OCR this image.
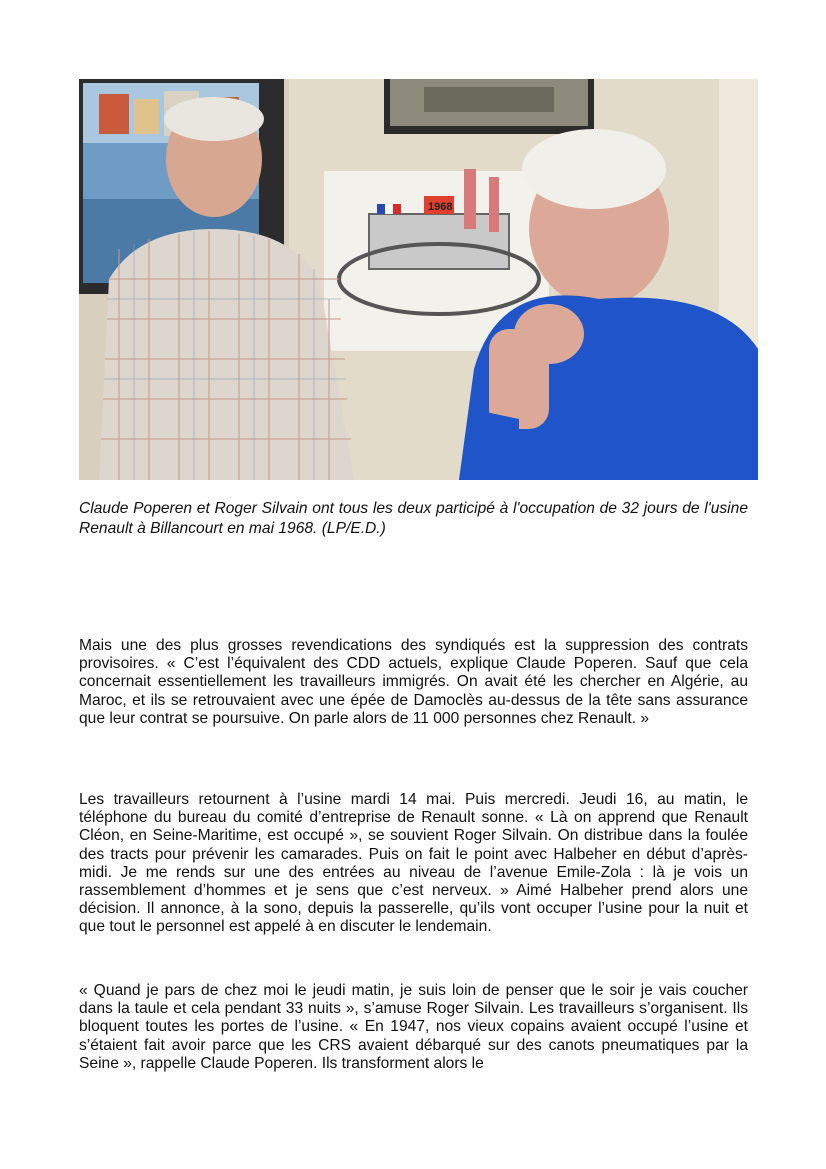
1968
Claude Poperen et Roger Silvain ont tous les deux participé à l'occupation de 32 jours de l'usine Renault à Billancourt en mai 1968. (LP/E.D.)

Mais une des plus grosses revendications des syndiqués est la suppression des contrats provisoires. « C’est l’équivalent des CDD actuels, explique Claude Poperen. Sauf que cela concernait essentiellement les travailleurs immigrés. On avait été les chercher en Algérie, au Maroc, et ils se retrouvaient avec une épée de Damoclès au-dessus de la tête sans assurance que leur contrat se poursuive. On parle alors de 11 000 personnes chez Renault. »

Les travailleurs retournent à l’usine mardi 14 mai. Puis mercredi. Jeudi 16, au matin, le téléphone du bureau du comité d’entreprise de Renault sonne. « Là on apprend que Renault Cléon, en Seine-Maritime, est occupé », se souvient Roger Silvain. On distribue dans la foulée des tracts pour prévenir les camarades. Puis on fait le point avec Halbeher en début d’après-midi. Je me rends sur une des entrées au niveau de l’avenue Emile-Zola : là je vois un rassemblement d’hommes et je sens que c’est nerveux. » Aimé Halbeher prend alors une décision. Il annonce, à la sono, depuis la passerelle, qu’ils vont occuper l’usine pour la nuit et que tout le personnel est appelé à en discuter le lendemain.

« Quand je pars de chez moi le jeudi matin, je suis loin de penser que le soir je vais coucher dans la taule et cela pendant 33 nuits », s’amuse Roger Silvain. Les travailleurs s’organisent. Ils bloquent toutes les portes de l’usine. « En 1947, nos vieux copains avaient occupé l’usine et s’étaient fait avoir parce que les CRS avaient débarqué sur des canots pneumatiques par la Seine », rappelle Claude Poperen. Ils transforment alors le
